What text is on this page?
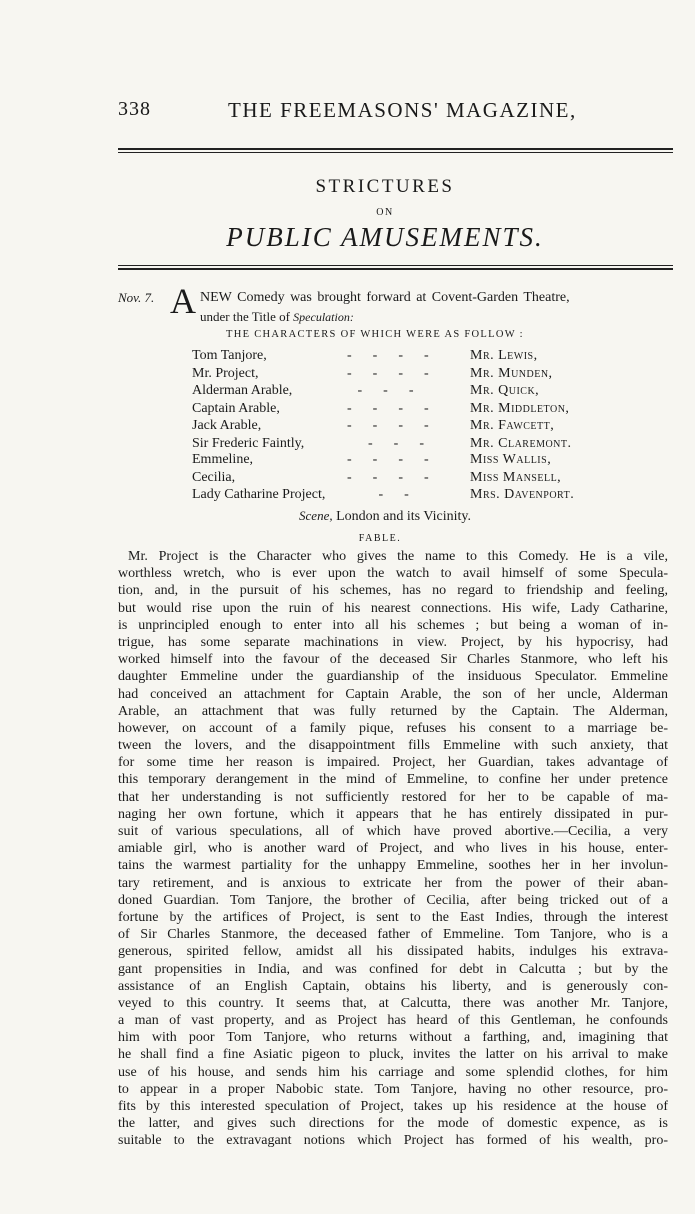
338	THE FREEMASONS' MAGAZINE,
STRICTURES
ON
PUBLIC AMUSEMENTS.
Nov. 7. A NEW Comedy was brought forward at Covent-Garden Theatre,
under the Title of Speculation:
THE CHARACTERS OF WHICH WERE AS FOLLOW :
Tom Tanjore,	-      -      -      -	Mr. Lewis,
Mr. Project,	-      -      -      -	Mr. Munden,
Alderman Arable,	-      -      -	Mr. Quick,
Captain Arable,	-      -      -      -	Mr. Middleton,
Jack Arable,	-      -      -      -	Mr. Fawcett,
Sir Frederic Faintly,	-      -      -	Mr. Claremont.
Emmeline,	-      -      -      -	Miss Wallis,
Cecilia,	-      -      -      -	Miss Mansell,
Lady Catharine Project, -      -	Mrs. Davenport.
Scene, London and its Vicinity.
FABLE.
Mr. Project is the Character who gives the name to this Comedy. He is a vile,
worthless wretch, who is ever upon the watch to avail himself of some Specula-
tion, and, in the pursuit of his schemes, has no regard to friendship and feeling,
but would rise upon the ruin of his nearest connections. His wife, Lady Catharine,
is unprincipled enough to enter into all his schemes ; but being a woman of in-
trigue, has some separate machinations in view. Project, by his hypocrisy, had
worked himself into the favour of the deceased Sir Charles Stanmore, who left his
daughter Emmeline under the guardianship of the insiduous Speculator. Emmeline
had conceived an attachment for Captain Arable, the son of her uncle, Alderman
Arable, an attachment that was fully returned by the Captain. The Alderman,
however, on account of a family pique, refuses his consent to a marriage be-
tween the lovers, and the disappointment fills Emmeline with such anxiety, that
for some time her reason is impaired. Project, her Guardian, takes advantage of
this temporary derangement in the mind of Emmeline, to confine her under pretence
that her understanding is not sufficiently restored for her to be capable of ma-
naging her own fortune, which it appears that he has entirely dissipated in pur-
suit of various speculations, all of which have proved abortive.—Cecilia, a very
amiable girl, who is another ward of Project, and who lives in his house, enter-
tains the warmest partiality for the unhappy Emmeline, soothes her in her involun-
tary retirement, and is anxious to extricate her from the power of their aban-
doned Guardian. Tom Tanjore, the brother of Cecilia, after being tricked out of a
fortune by the artifices of Project, is sent to the East Indies, through the interest
of Sir Charles Stanmore, the deceased father of Emmeline. Tom Tanjore, who is a
generous, spirited fellow, amidst all his dissipated habits, indulges his extrava-
gant propensities in India, and was confined for debt in Calcutta ; but by the
assistance of an English Captain, obtains his liberty, and is generously con-
veyed to this country. It seems that, at Calcutta, there was another Mr. Tanjore,
a man of vast property, and as Project has heard of this Gentleman, he confounds
him with poor Tom Tanjore, who returns without a farthing, and, imagining that
he shall find a fine Asiatic pigeon to pluck, invites the latter on his arrival to make
use of his house, and sends him his carriage and some splendid clothes, for him
to appear in a proper Nabobic state. Tom Tanjore, having no other resource, pro-
fits by this interested speculation of Project, takes up his residence at the house of
the latter, and gives such directions for the mode of domestic expence, as is
suitable to the extravagant notions which Project has formed of his wealth, pro-
